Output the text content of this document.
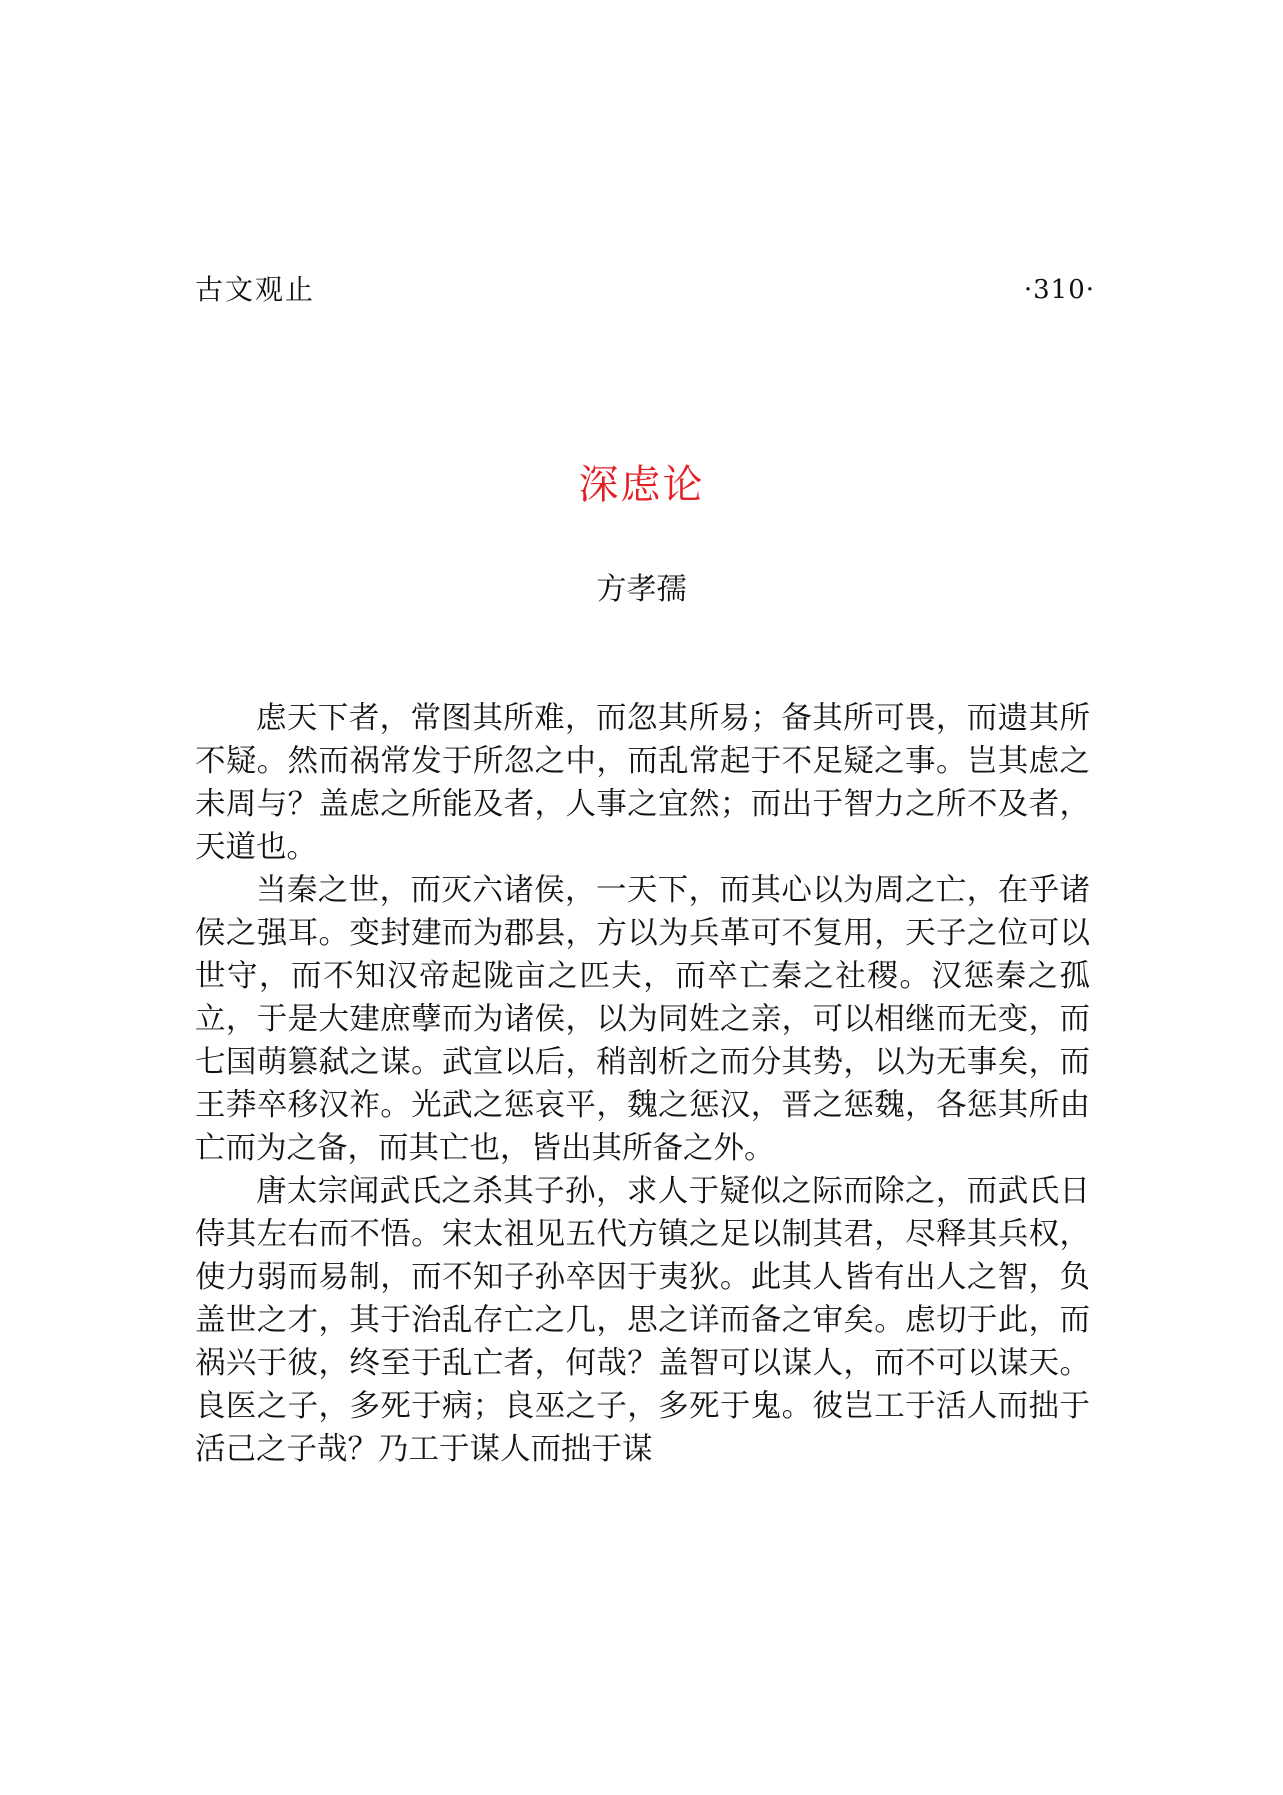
古文观止	·310·
深虑论
方孝孺

虑天下者，常图其所难，而忽其所易；备其所可畏，而遗其所不疑。然而祸常发于所忽之中，而乱常起于不足疑之事。岂其虑之未周与？盖虑之所能及者，人事之宜然；而出于智力之所不及者，天道也。

当秦之世，而灭六诸侯，一天下，而其心以为周之亡，在乎诸侯之强耳。变封建而为郡县，方以为兵革可不复用，天子之位可以世守，而不知汉帝起陇亩之匹夫，而卒亡秦之社稷。汉惩秦之孤立，于是大建庶孽而为诸侯，以为同姓之亲，可以相继而无变，而七国萌篡弑之谋。武宣以后，稍剖析之而分其势，以为无事矣，而王莽卒移汉祚。光武之惩哀平，魏之惩汉，晋之惩魏，各惩其所由亡而为之备，而其亡也，皆出其所备之外。

唐太宗闻武氏之杀其子孙，求人于疑似之际而除之，而武氏日侍其左右而不悟。宋太祖见五代方镇之足以制其君，尽释其兵权，使力弱而易制，而不知子孙卒因于夷狄。此其人皆有出人之智，负盖世之才，其于治乱存亡之几，思之详而备之审矣。虑切于此，而祸兴于彼，终至于乱亡者，何哉？盖智可以谋人，而不可以谋天。良医之子，多死于病；良巫之子，多死于鬼。彼岂工于活人而拙于活己之子哉？乃工于谋人而拙于谋
